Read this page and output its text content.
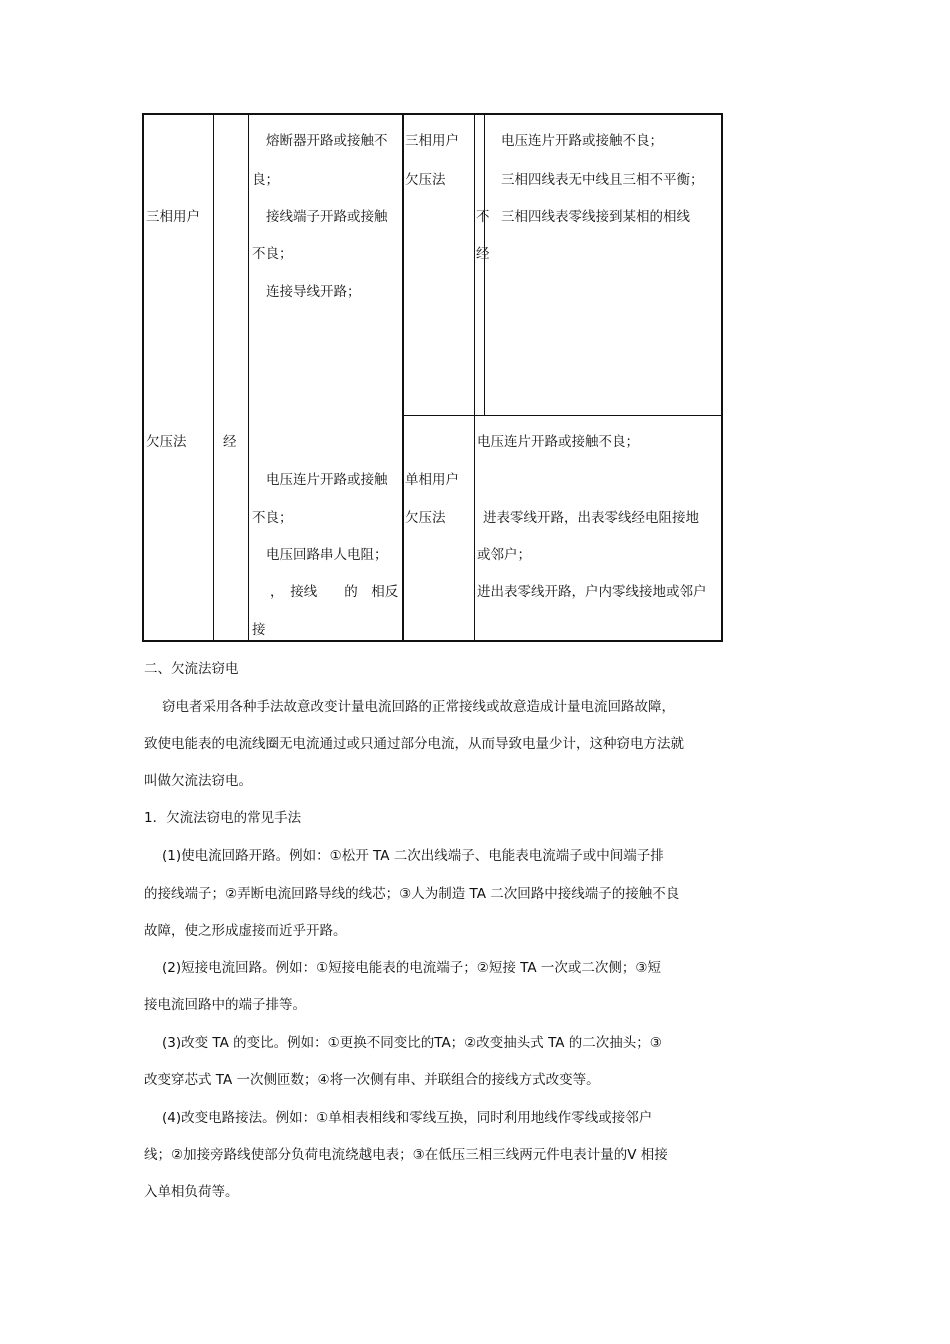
三相用户
欠压法	经
熔断器开路或接触不
良；
接线端子开路或接触
不良；
连接导线开路；
电压连片开路或接触
不良；
电压回路串人电阻；
，　接线　　的　相反
接
三相用户
欠压法
单相用户
欠压法
不
经
电压连片开路或接触不良；
三相四线表无中线且三相不平衡；
三相四线表零线接到某相的相线
电压连片开路或接触不良；
进表零线开路，出表零线经电阻接地
或邻户；
进出表零线开路，户内零线接地或邻户
二、欠流法窃电
窃电者采用各种手法故意改变计量电流回路的正常接线或故意造成计量电流回路故障，
致使电能表的电流线圈无电流通过或只通过部分电流，从而导致电量少计，这种窃电方法就
叫做欠流法窃电。
1．欠流法窃电的常见手法
(1)使电流回路开路。例如：①松开 TA 二次出线端子、电能表电流端子或中间端子排
的接线端子；②弄断电流回路导线的线芯；③人为制造 TA 二次回路中接线端子的接触不良
故障，使之形成虚接而近乎开路。
(2)短接电流回路。例如：①短接电能表的电流端子；②短接 TA 一次或二次侧；③短
接电流回路中的端子排等。
(3)改变 TA 的变比。例如：①更换不同变比的TA；②改变抽头式 TA 的二次抽头；③
改变穿芯式 TA 一次侧匝数；④将一次侧有串、并联组合的接线方式改变等。
(4)改变电路接法。例如：①单相表相线和零线互换，同时利用地线作零线或接邻户
线；②加接旁路线使部分负荷电流绕越电表；③在低压三相三线两元件电表计量的V 相接
入单相负荷等。
